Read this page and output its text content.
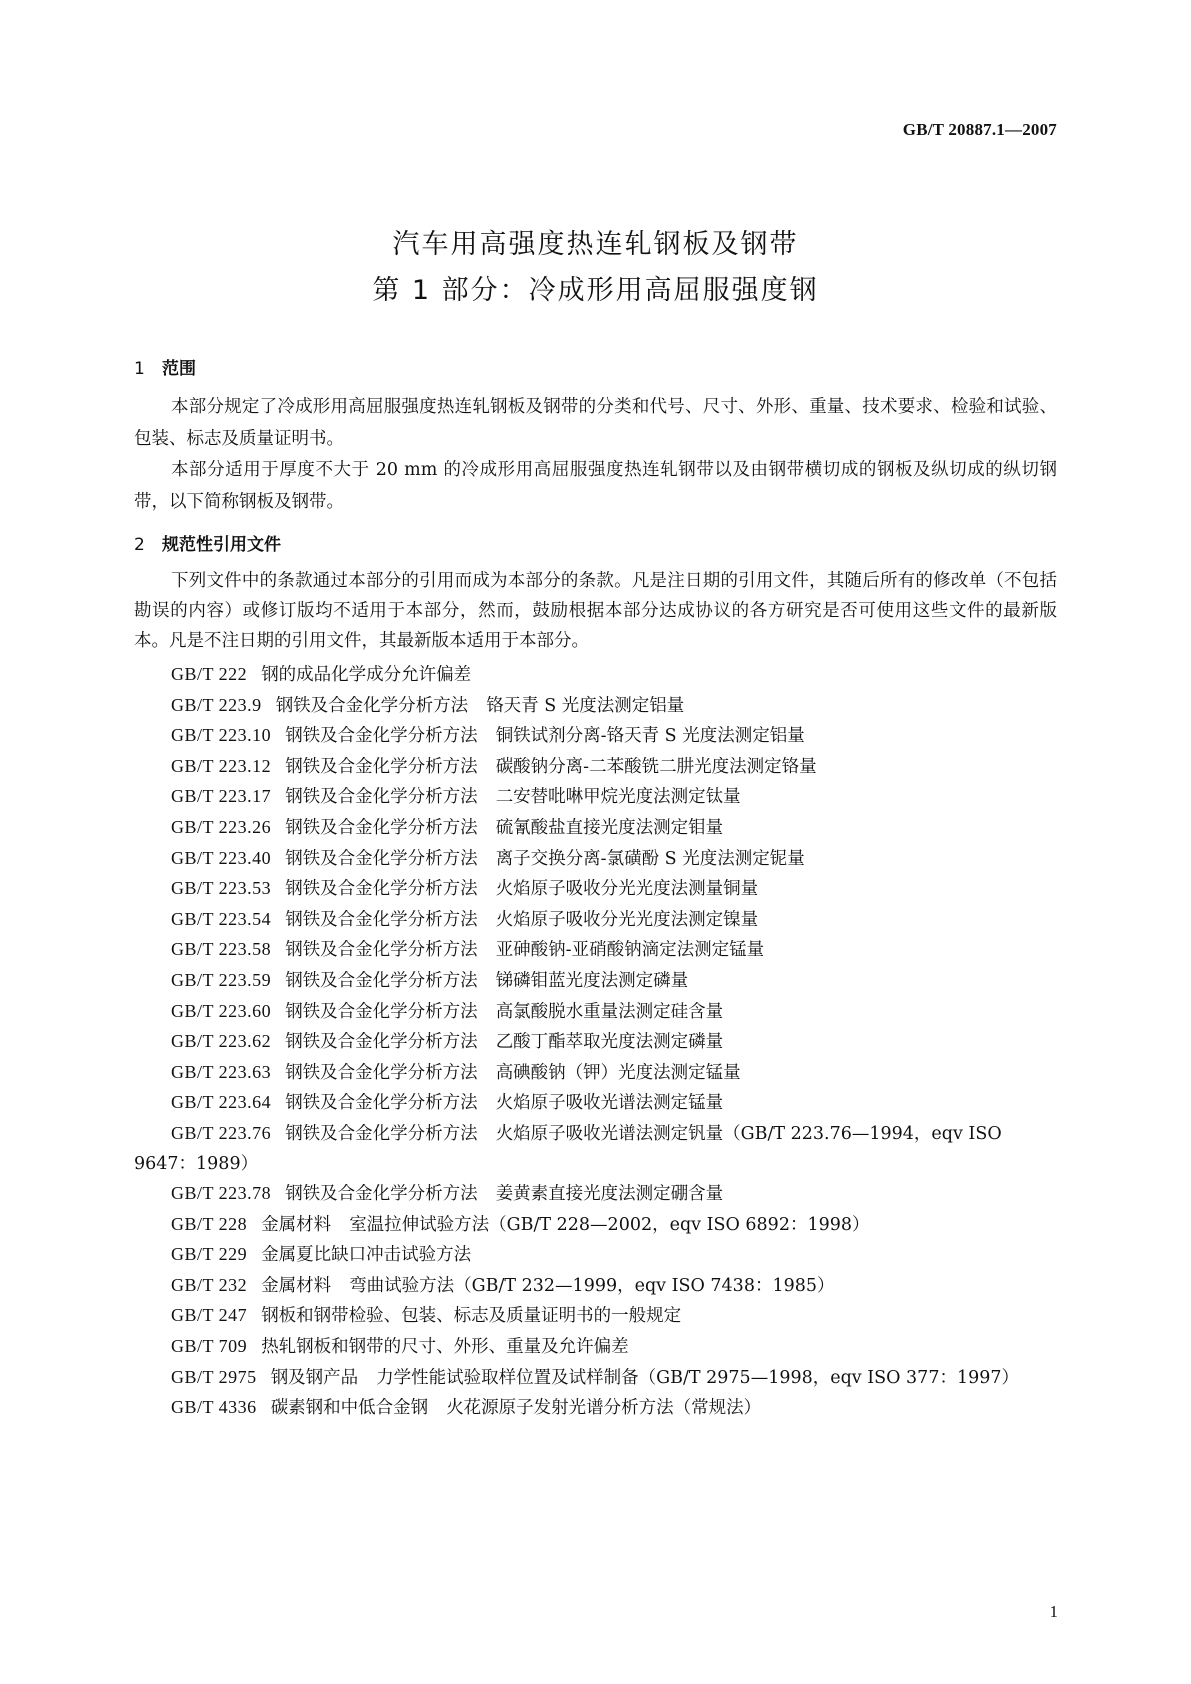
GB/T 20887.1—2007
汽车用高强度热连轧钢板及钢带
第 1 部分：冷成形用高屈服强度钢
1 范围
本部分规定了冷成形用高屈服强度热连轧钢板及钢带的分类和代号、尺寸、外形、重量、技术要求、检验和试验、包装、标志及质量证明书。
本部分适用于厚度不大于 20 mm 的冷成形用高屈服强度热连轧钢带以及由钢带横切成的钢板及纵切成的纵切钢带，以下简称钢板及钢带。
2 规范性引用文件
下列文件中的条款通过本部分的引用而成为本部分的条款。凡是注日期的引用文件，其随后所有的修改单（不包括勘误的内容）或修订版均不适用于本部分，然而，鼓励根据本部分达成协议的各方研究是否可使用这些文件的最新版本。凡是不注日期的引用文件，其最新版本适用于本部分。
GB/T 222 钢的成品化学成分允许偏差
GB/T 223.9 钢铁及合金化学分析方法 铬天青 S 光度法测定铝量
GB/T 223.10 钢铁及合金化学分析方法 铜铁试剂分离-铬天青 S 光度法测定铝量
GB/T 223.12 钢铁及合金化学分析方法 碳酸钠分离-二苯酸铣二肼光度法测定铬量
GB/T 223.17 钢铁及合金化学分析方法 二安替吡啉甲烷光度法测定钛量
GB/T 223.26 钢铁及合金化学分析方法 硫氰酸盐直接光度法测定钼量
GB/T 223.40 钢铁及合金化学分析方法 离子交换分离-氯磺酚 S 光度法测定铌量
GB/T 223.53 钢铁及合金化学分析方法 火焰原子吸收分光光度法测量铜量
GB/T 223.54 钢铁及合金化学分析方法 火焰原子吸收分光光度法测定镍量
GB/T 223.58 钢铁及合金化学分析方法 亚砷酸钠-亚硝酸钠滴定法测定锰量
GB/T 223.59 钢铁及合金化学分析方法 锑磷钼蓝光度法测定磷量
GB/T 223.60 钢铁及合金化学分析方法 高氯酸脱水重量法测定硅含量
GB/T 223.62 钢铁及合金化学分析方法 乙酸丁酯萃取光度法测定磷量
GB/T 223.63 钢铁及合金化学分析方法 高碘酸钠（钾）光度法测定锰量
GB/T 223.64 钢铁及合金化学分析方法 火焰原子吸收光谱法测定锰量
GB/T 223.76 钢铁及合金化学分析方法 火焰原子吸收光谱法测定钒量（GB/T 223.76—1994，eqv ISO 9647：1989）
GB/T 223.78 钢铁及合金化学分析方法 姜黄素直接光度法测定硼含量
GB/T 228 金属材料 室温拉伸试验方法（GB/T 228—2002，eqv ISO 6892：1998）
GB/T 229 金属夏比缺口冲击试验方法
GB/T 232 金属材料 弯曲试验方法（GB/T 232—1999，eqv ISO 7438：1985）
GB/T 247 钢板和钢带检验、包装、标志及质量证明书的一般规定
GB/T 709 热轧钢板和钢带的尺寸、外形、重量及允许偏差
GB/T 2975 钢及钢产品 力学性能试验取样位置及试样制备（GB/T 2975—1998，eqv ISO 377：1997）
GB/T 4336 碳素钢和中低合金钢 火花源原子发射光谱分析方法（常规法）
1
